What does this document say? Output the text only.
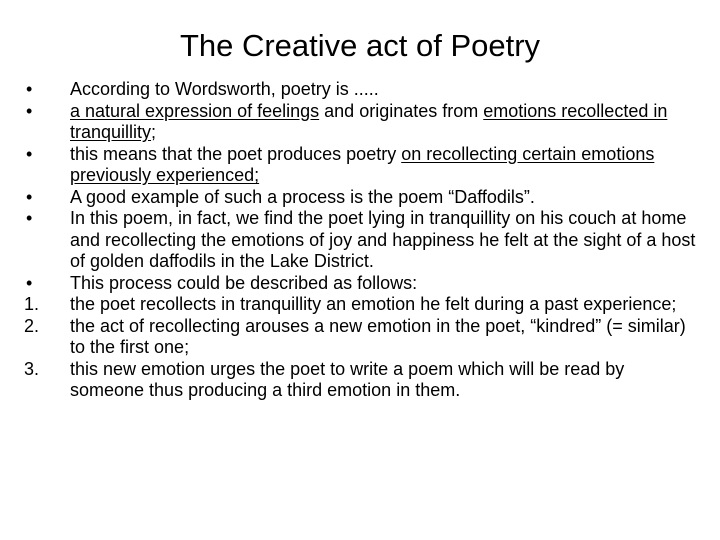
The Creative act of Poetry
•	According to Wordsworth, poetry is .....
•	a natural expression of feelings and originates from emotions recollected in tranquillity;
•	this means that the poet produces poetry on recollecting certain emotions previously experienced;
•	A good example of such a process is the poem “Daffodils”.
•	In this poem, in fact, we find the poet lying in tranquillity on his couch at home and recollecting the emotions of joy and happiness he felt at the sight of a host of golden daffodils in the Lake District.
•	This process could be described as follows:
1.	the poet recollects in tranquillity an emotion he felt during a past experience;
2.	the act of recollecting arouses a new emotion in the poet, “kindred” (= similar) to the first one;
3.	this new emotion urges the poet to write a poem which will be read by someone thus producing a third emotion in them.
